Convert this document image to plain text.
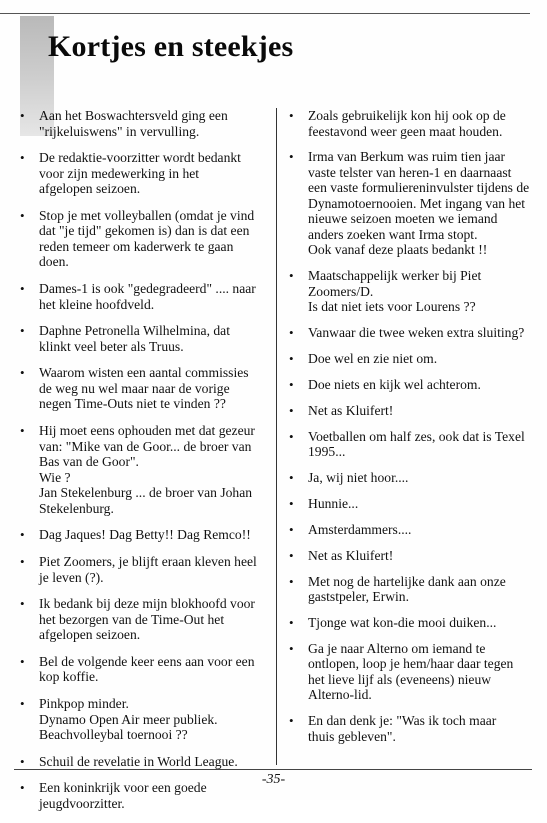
Kortjes en steekjes
• Aan het Boswachtersveld ging een
"rijkeluiswens" in vervulling.
• De redaktie-voorzitter wordt bedankt
voor zijn medewerking in het
afgelopen seizoen.
• Stop je met volleyballen (omdat je vind
dat "je tijd" gekomen is) dan is dat een
reden temeer om kaderwerk te gaan
doen.
• Dames-1 is ook "gedegradeerd" .... naar
het kleine hoofdveld.
• Daphne Petronella Wilhelmina, dat
klinkt veel beter als Truus.
• Waarom wisten een aantal commissies
de weg nu wel maar naar de vorige
negen Time-Outs niet te vinden ??
• Hij moet eens ophouden met dat gezeur
van: "Mike van de Goor... de broer van
Bas van de Goor".
Wie ?
Jan Stekelenburg ... de broer van Johan
Stekelenburg.
• Dag Jaques! Dag Betty!! Dag Remco!!
• Piet Zoomers, je blijft eraan kleven heel
je leven (?).
• Ik bedank bij deze mijn blokhoofd voor
het bezorgen van de Time-Out het
afgelopen seizoen.
• Bel de volgende keer eens aan voor een
kop koffie.
• Pinkpop minder.
Dynamo Open Air meer publiek.
Beachvolleybal toernooi ??
• Schuil de revelatie in World League.
• Een koninkrijk voor een goede
jeugdvoorzitter.
• Zoals gebruikelijk kon hij ook op de
feestavond weer geen maat houden.
• Irma van Berkum was ruim tien jaar
vaste telster van heren-1 en daarnaast
een vaste formuliereninvulster tijdens de
Dynamotoernooien. Met ingang van het
nieuwe seizoen moeten we iemand
anders zoeken want Irma stopt.
Ook vanaf deze plaats bedankt !!
• Maatschappelijk werker bij Piet
Zoomers/D.
Is dat niet iets voor Lourens ??
• Vanwaar die twee weken extra sluiting?
• Doe wel en zie niet om.
• Doe niets en kijk wel achterom.
• Net as Kluifert!
• Voetballen om half zes, ook dat is Texel
1995...
• Ja, wij niet hoor....
• Hunnie...
• Amsterdammers....
• Net as Kluifert!
• Met nog de hartelijke dank aan onze
gaststpeler, Erwin.
• Tjonge wat kon-die mooi duiken...
• Ga je naar Alterno om iemand te
ontlopen, loop je hem/haar daar tegen
het lieve lijf als (eveneens) nieuw
Alterno-lid.
• En dan denk je: "Was ik toch maar
thuis gebleven".
-35-
